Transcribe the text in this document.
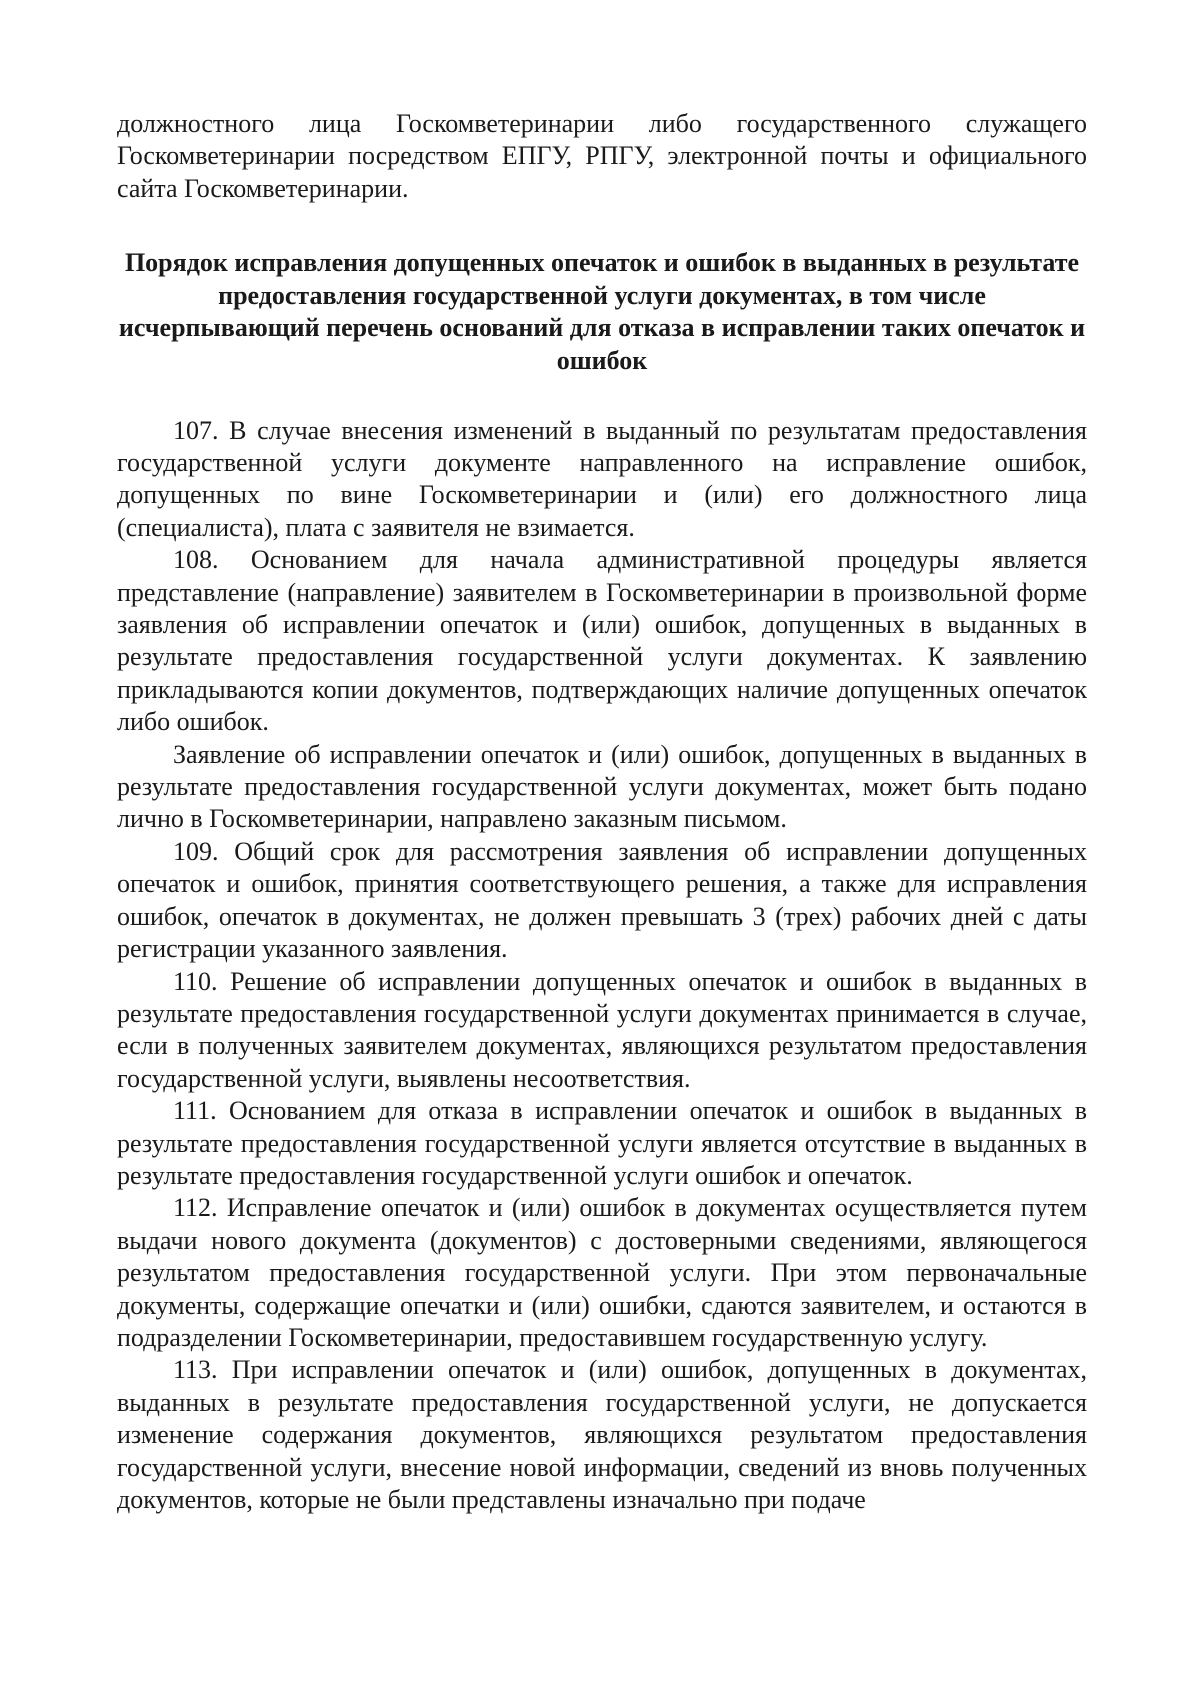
должностного лица Госкомветеринарии либо государственного служащего Госкомветеринарии посредством ЕПГУ, РПГУ, электронной почты и официального сайта Госкомветеринарии.

Порядок исправления допущенных опечаток и ошибок в выданных в результате предоставления государственной услуги документах, в том числе исчерпывающий перечень оснований для отказа в исправлении таких опечаток и ошибок

107. В случае внесения изменений в выданный по результатам предоставления государственной услуги документе направленного на исправление ошибок, допущенных по вине Госкомветеринарии и (или) его должностного лица (специалиста), плата с заявителя не взимается.

108. Основанием для начала административной процедуры является представление (направление) заявителем в Госкомветеринарии в произвольной форме заявления об исправлении опечаток и (или) ошибок, допущенных в выданных в результате предоставления государственной услуги документах. К заявлению прикладываются копии документов, подтверждающих наличие допущенных опечаток либо ошибок.

Заявление об исправлении опечаток и (или) ошибок, допущенных в выданных в результате предоставления государственной услуги документах, может быть подано лично в Госкомветеринарии, направлено заказным письмом.

109. Общий срок для рассмотрения заявления об исправлении допущенных опечаток и ошибок, принятия соответствующего решения, а также для исправления ошибок, опечаток в документах, не должен превышать 3 (трех) рабочих дней с даты регистрации указанного заявления.

110. Решение об исправлении допущенных опечаток и ошибок в выданных в результате предоставления государственной услуги документах принимается в случае, если в полученных заявителем документах, являющихся результатом предоставления государственной услуги, выявлены несоответствия.

111. Основанием для отказа в исправлении опечаток и ошибок в выданных в результате предоставления государственной услуги является отсутствие в выданных в результате предоставления государственной услуги ошибок и опечаток.

112. Исправление опечаток и (или) ошибок в документах осуществляется путем выдачи нового документа (документов) с достоверными сведениями, являющегося результатом предоставления государственной услуги. При этом первоначальные документы, содержащие опечатки и (или) ошибки, сдаются заявителем, и остаются в подразделении Госкомветеринарии, предоставившем государственную услугу.

113. При исправлении опечаток и (или) ошибок, допущенных в документах, выданных в результате предоставления государственной услуги, не допускается изменение содержания документов, являющихся результатом предоставления государственной услуги, внесение новой информации, сведений из вновь полученных документов, которые не были представлены изначально при подаче
